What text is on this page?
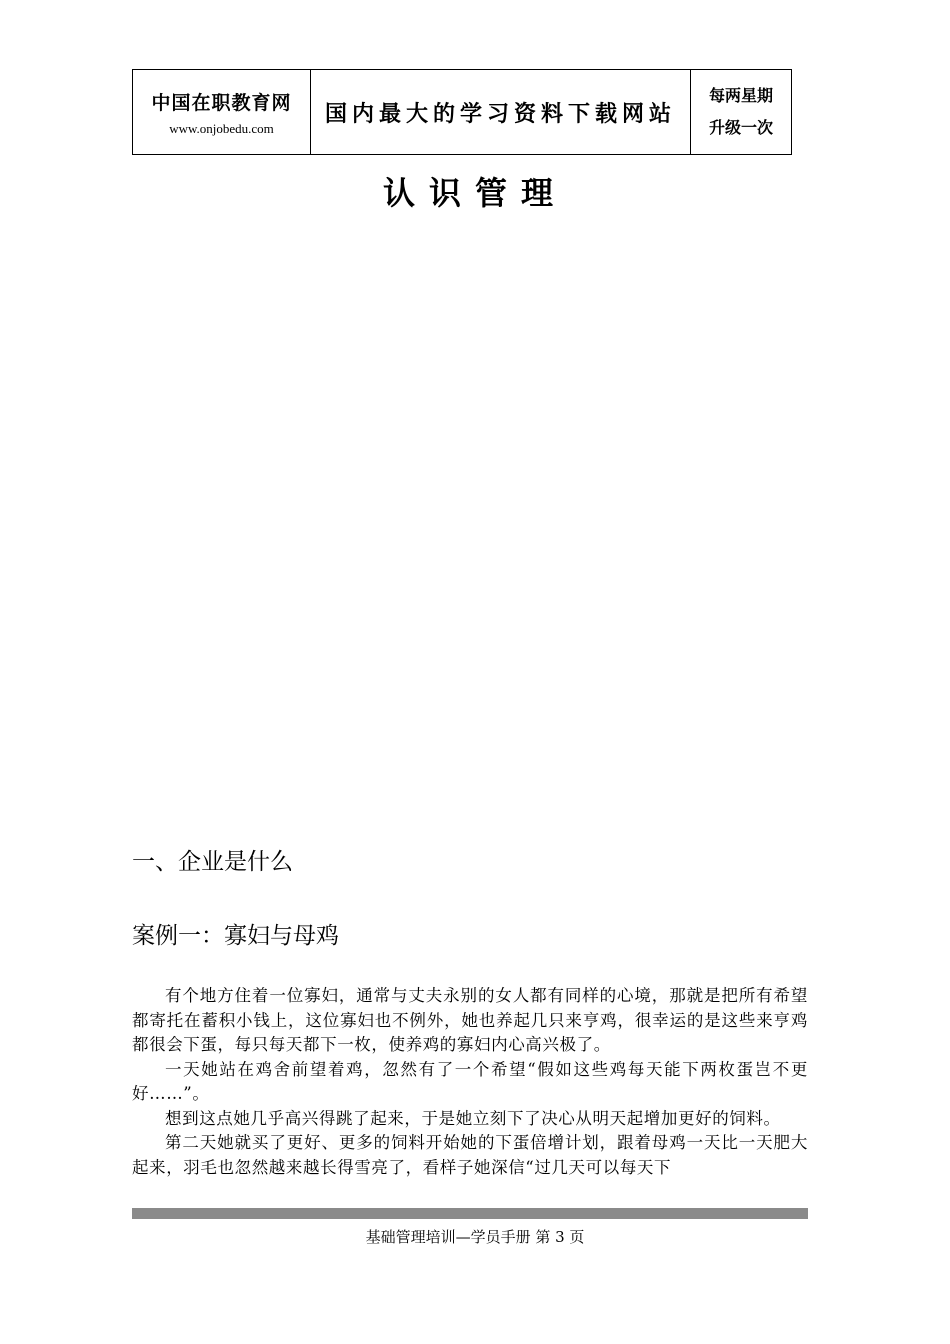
中国在职教育网
www.onjobedu.com
国内最大的学习资料下载网站
每两星期
升级一次
认识管理
一、企业是什么
案例一：寡妇与母鸡

有个地方住着一位寡妇，通常与丈夫永别的女人都有同样的心境，那就是把所有希望都寄托在蓄积小钱上，这位寡妇也不例外，她也养起几只来亨鸡，很幸运的是这些来亨鸡都很会下蛋，每只每天都下一枚，使养鸡的寡妇内心高兴极了。

一天她站在鸡舍前望着鸡，忽然有了一个希望“假如这些鸡每天能下两枚蛋岂不更好……”。

想到这点她几乎高兴得跳了起来，于是她立刻下了决心从明天起增加更好的饲料。

第二天她就买了更好、更多的饲料开始她的下蛋倍增计划，跟着母鸡一天比一天肥大起来，羽毛也忽然越来越长得雪亮了，看样子她深信“过几天可以每天下

基础管理培训—学员手册 第 3 页
